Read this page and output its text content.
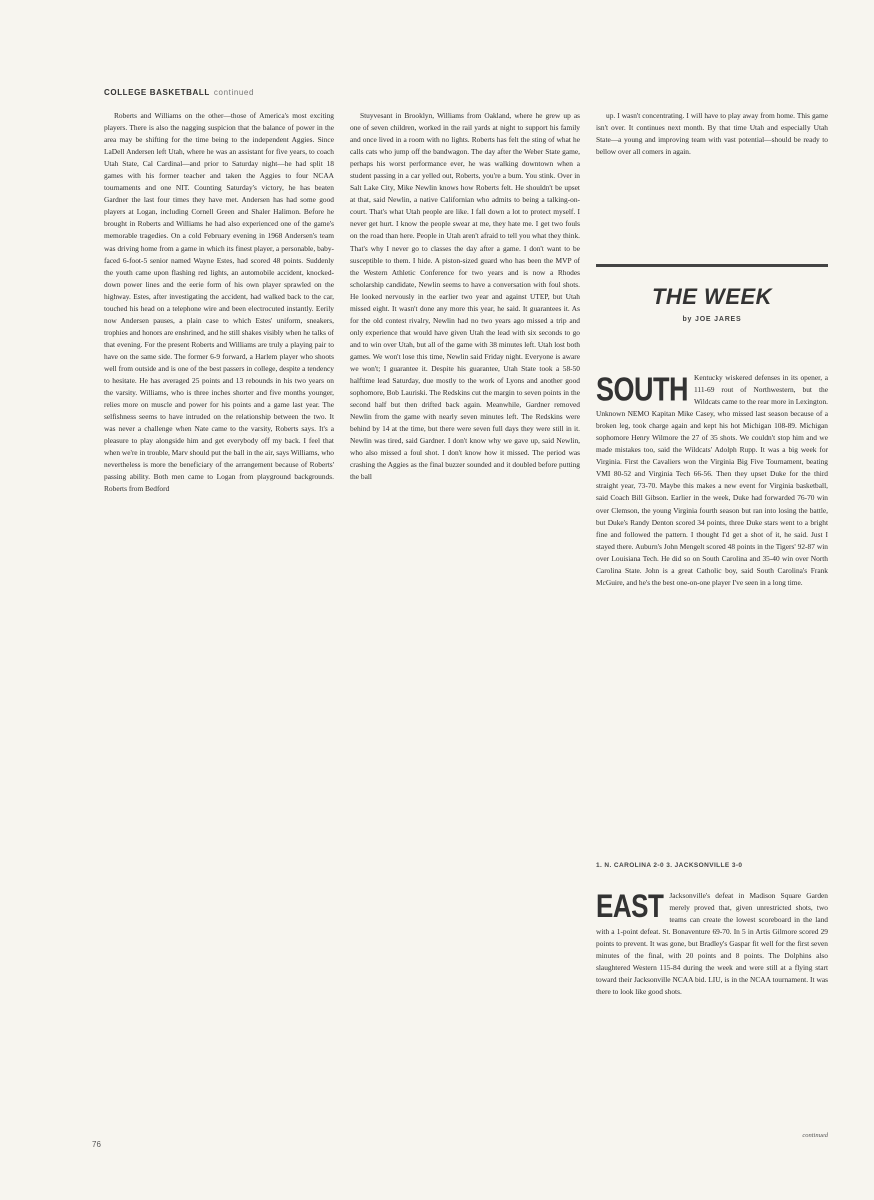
COLLEGE BASKETBALL continued

Roberts and Williams on the other—those of America's most exciting players. There is also the nagging suspicion that the balance of power in the area may be shifting for the time being to the independent Aggies. Since LaDell Andersen left Utah, where he was an assistant for five years, to coach Utah State, Cal Cardinal—and prior to Saturday night—he had split 18 games with his former teacher and taken the Aggies to four NCAA tournaments and one NIT. Counting Saturday's victory, he has beaten Gardner the last four times they have met. Andersen has had some good players at Logan, including Cornell Green and Shaler Halimon. Before he brought in Roberts and Williams he had also experienced one of the game's memorable tragedies. On a cold February evening in 1968 Andersen's team was driving home from a game in which its finest player, a personable, baby-faced 6-foot-5 senior named Wayne Estes, had scored 48 points. Suddenly the youth came upon flashing red lights, an automobile accident, knocked-down power lines and the eerie form of his own player sprawled on the highway. Estes, after investigating the accident, had walked back to the car, touched his head on a telephone wire and been electrocuted instantly. Eerily now Andersen pauses, a plain case to which Estes' uniform, sneakers, trophies and honors are enshrined, and he still shakes visibly when he talks of that evening. For the present Roberts and Williams are truly a playing pair to have on the same side. The former 6-9 forward, a Harlem player who shoots well from outside and is one of the best passers in college, despite a tendency to hesitate. He has averaged 25 points and 13 rebounds in his two years on the varsity. Williams, who is three inches shorter and five months younger, relies more on muscle and power for his points and a game last year. The selfishness seems to have intruded on the relationship between the two. It was never a challenge when Nate came to the varsity, Roberts says. It's a pleasure to play alongside him and get everybody off my back. I feel that when we're in trouble, Marv should put the ball in the air, says Williams, who nevertheless is more the beneficiary of the arrangement because of Roberts' passing ability. Both men came to Logan from playground backgrounds. Roberts from Bedford

Stuyvesant in Brooklyn, Williams from Oakland, where he grew up as one of seven children, worked in the rail yards at night to support his family and once lived in a room with no lights. Roberts has felt the sting of what he calls cats who jump off the bandwagon. The day after the Weber State game, perhaps his worst performance ever, he was walking downtown when a student passing in a car yelled out, Roberts, you're a bum. You stink. Over in Salt Lake City, Mike Newlin knows how Roberts felt. He shouldn't be upset at that, said Newlin, a native Californian who admits to being a talking-on-court. That's what Utah people are like. I fall down a lot to protect myself. I never get hurt. I know the people swear at me, they hate me. I get two fouls on the road than here. People in Utah aren't afraid to tell you what they think. That's why I never go to classes the day after a game. I don't want to be susceptible to them. I hide. A piston-sized guard who has been the MVP of the Western Athletic Conference for two years and is now a Rhodes scholarship candidate, Newlin seems to have a conversation with foul shots. He looked nervously in the earlier two year and against UTEP, but Utah missed eight. It wasn't done any more this year, he said. It guarantees it. As for the old contest rivalry, Newlin had no two years ago missed a trip and only experience that would have given Utah the lead with six seconds to go and to win over Utah, but all of the game with 38 minutes left. Utah lost both games. We won't lose this time, Newlin said Friday night. Everyone is aware we won't; I guarantee it. Despite his guarantee, Utah State took a 58-50 halftime lead Saturday, due mostly to the work of Lyons and another good sophomore, Bob Lauriski. The Redskins cut the margin to seven points in the second half but then drifted back again. Meanwhile, Gardner removed Newlin from the game with nearly seven minutes left. The Redskins were behind by 14 at the time, but there were seven full days they were still in it. Newlin was tired, said Gardner. I don't know why we gave up, said Newlin, who also missed a foul shot. I don't know how it missed. The period was crashing the Aggies as the final buzzer sounded and it doubled before putting the ball

up. I wasn't concentrating. I will have to play away from home. This game isn't over. It continues next month. By that time Utah and especially Utah State—a young and improving team with vast potential—should be ready to bellow over all comers in again.

THE WEEK
by JOE JARES
SOUTH Kentucky wiskered defenses in its opener, a 111-69 rout of Northwestern, but the Wildcats came to the rear more in Lexington. Unknown NEMO Kapitan Mike Casey, who missed last season because of a broken leg, took charge again and kept his hot Michigan 108-89. Michigan sophomore Henry Wilmore the 27 of 35 shots. We couldn't stop him and we made mistakes too, said the Wildcats' Adolph Rupp. It was a big week for Virginia. First the Cavaliers won the Virginia Big Five Tournament, beating VMI 80-52 and Virginia Tech 66-56. Then they upset Duke for the third straight year, 73-70. Maybe this makes a new event for Virginia basketball, said Coach Bill Gibson. Earlier in the week, Duke had forwarded 76-70 win over Clemson, the young Virginia fourth season but ran into losing the battle, but Duke's Randy Denton scored 34 points, three Duke stars went to a bright fine and followed the pattern. I thought I'd get a shot of it, he said. Just I stayed there. Auburn's John Mengelt scored 48 points in the Tigers' 92-87 win over Louisiana Tech. He did so on South Carolina and 35-40 win over North Carolina State. John is a great Catholic boy, said South Carolina's Frank McGuire, and he's the best one-on-one player I've seen in a long time.
1. N. CAROLINA 2-0 3. JACKSONVILLE 3-0
EAST Jacksonville's defeat in Madison Square Garden merely proved that, given unrestricted shots, two teams can create the lowest scoreboard in the land with a 1-point defeat. St. Bonaventure 69-70. In 5 in Artis Gilmore scored 29 points to prevent. It was gone, but Bradley's Gaspar fit well for the first seven minutes of the final, with 20 points and 8 points. The Dolphins also slaughtered Western 115-84 during the week and were still at a flying start toward their Jacksonville NCAA bid. LIU, is in the NCAA tournament. It was there to look like good shots.
continued
76
